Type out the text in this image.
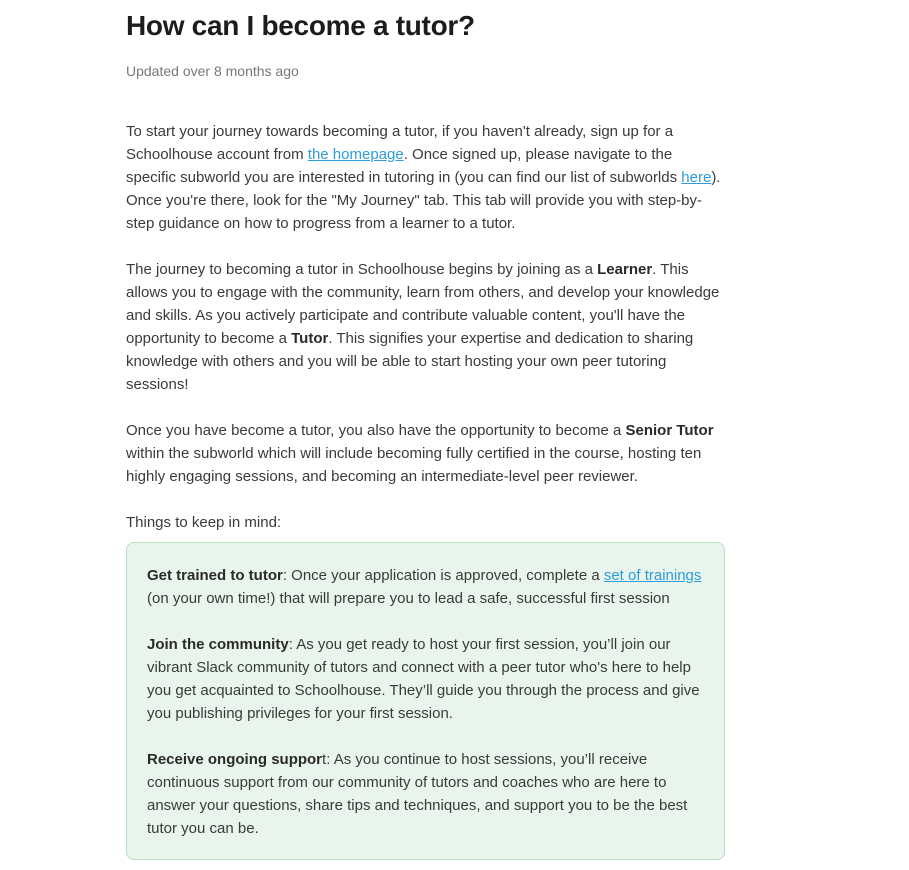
How can I become a tutor?
Updated over 8 months ago

To start your journey towards becoming a tutor, if you haven't already, sign up for a Schoolhouse account from the homepage. Once signed up, please navigate to the specific subworld you are interested in tutoring in (you can find our list of subworlds here). Once you're there, look for the "My Journey" tab. This tab will provide you with step-by-step guidance on how to progress from a learner to a tutor.

The journey to becoming a tutor in Schoolhouse begins by joining as a Learner. This allows you to engage with the community, learn from others, and develop your knowledge and skills. As you actively participate and contribute valuable content, you'll have the opportunity to become a Tutor. This signifies your expertise and dedication to sharing knowledge with others and you will be able to start hosting your own peer tutoring sessions!

Once you have become a tutor, you also have the opportunity to become a Senior Tutor within the subworld which will include becoming fully certified in the course, hosting ten highly engaging sessions, and becoming an intermediate-level peer reviewer.

Things to keep in mind:

Get trained to tutor: Once your application is approved, complete a set of trainings (on your own time!) that will prepare you to lead a safe, successful first session

Join the community: As you get ready to host your first session, you’ll join our vibrant Slack community of tutors and connect with a peer tutor who's here to help you get acquainted to Schoolhouse. They’ll guide you through the process and give you publishing privileges for your first session.

Receive ongoing support: As you continue to host sessions, you’ll receive continuous support from our community of tutors and coaches who are here to answer your questions, share tips and techniques, and support you to be the best tutor you can be.
